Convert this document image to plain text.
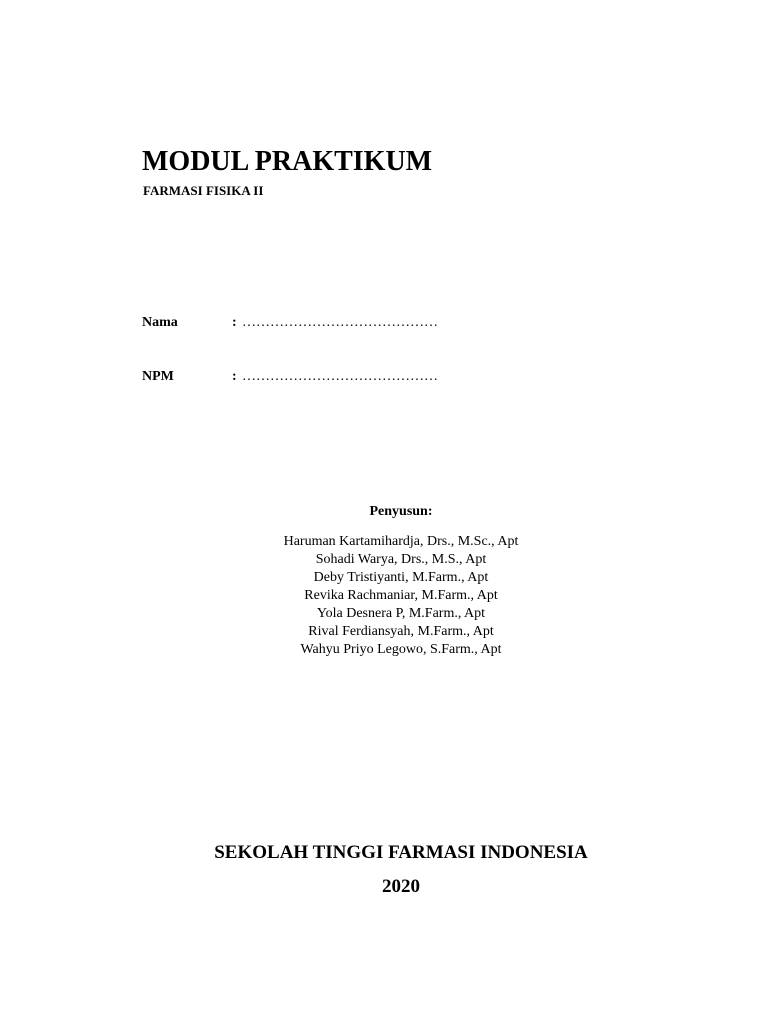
MODUL PRAKTIKUM
FARMASI FISIKA II
Nama	: ……………………………………
NPM	: ……………………………………
Penyusun:
Haruman Kartamihardja, Drs., M.Sc., Apt
Sohadi Warya, Drs., M.S., Apt
Deby Tristiyanti, M.Farm., Apt
Revika Rachmaniar, M.Farm., Apt
Yola Desnera P, M.Farm., Apt
Rival Ferdiansyah, M.Farm., Apt
Wahyu Priyo Legowo, S.Farm., Apt
SEKOLAH TINGGI FARMASI INDONESIA
2020
